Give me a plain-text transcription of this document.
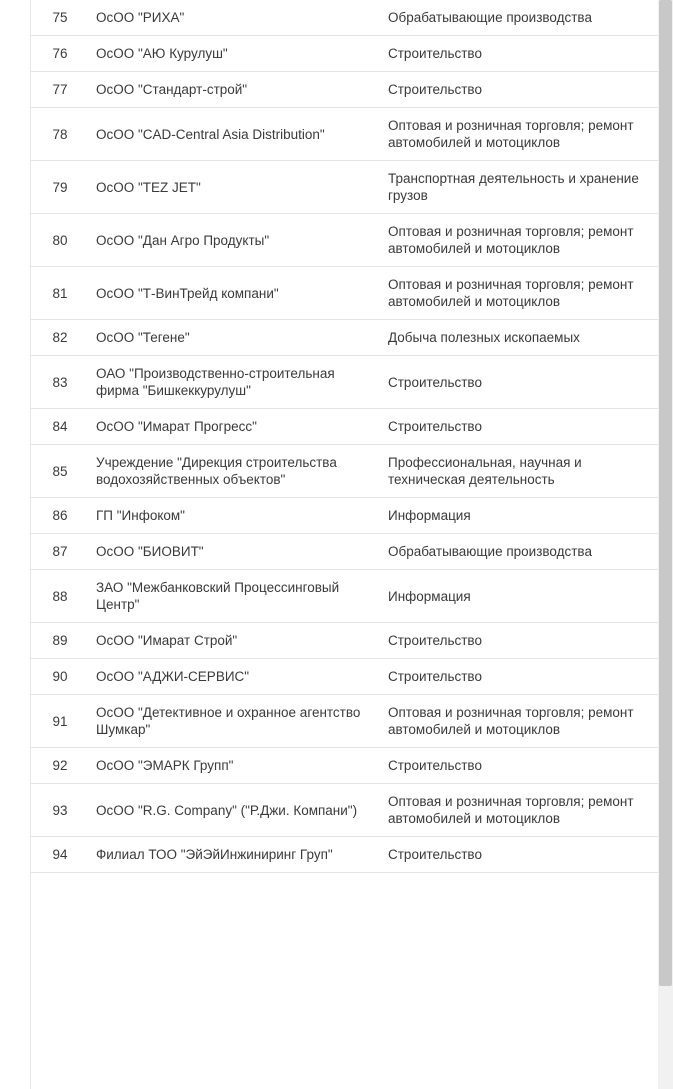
75	ОсОО "РИХА"	Обрабатывающие производства
76	ОсОО "АЮ Курулуш"	Строительство
77	ОсОО "Стандарт-строй"	Строительство
78	ОсОО "CAD-Central Asia Distribution"	Оптовая и розничная торговля; ремонт автомобилей и мотоциклов
79	ОсОО "TEZ JET"	Транспортная деятельность и хранение грузов
80	ОсОО "Дан Агро Продукты"	Оптовая и розничная торговля; ремонт автомобилей и мотоциклов
81	ОсОО "Т-ВинТрейд компани"	Оптовая и розничная торговля; ремонт автомобилей и мотоциклов
82	ОсОО "Тегене"	Добыча полезных ископаемых
83	ОАО "Производственно-строительная фирма "Бишкеккурулуш"	Строительство
84	ОсОО "Имарат Прогресс"	Строительство
85	Учреждение "Дирекция строительства водохозяйственных объектов"	Профессиональная, научная и техническая деятельность
86	ГП "Инфоком"	Информация
87	ОсОО "БИОВИТ"	Обрабатывающие производства
88	ЗАО "Межбанковский Процессинговый Центр"	Информация
89	ОсОО "Имарат Строй"	Строительство
90	ОсОО "АДЖИ-СЕРВИС"	Строительство
91	ОсОО "Детективное и охранное агентство Шумкар"	Оптовая и розничная торговля; ремонт автомобилей и мотоциклов
92	ОсОО "ЭМАРК Групп"	Строительство
93	ОсОО "R.G. Company" ("Р.Джи. Компани")	Оптовая и розничная торговля; ремонт автомобилей и мотоциклов
94	Филиал ТОО "ЭйЭйИнжиниринг Груп"	Строительство
